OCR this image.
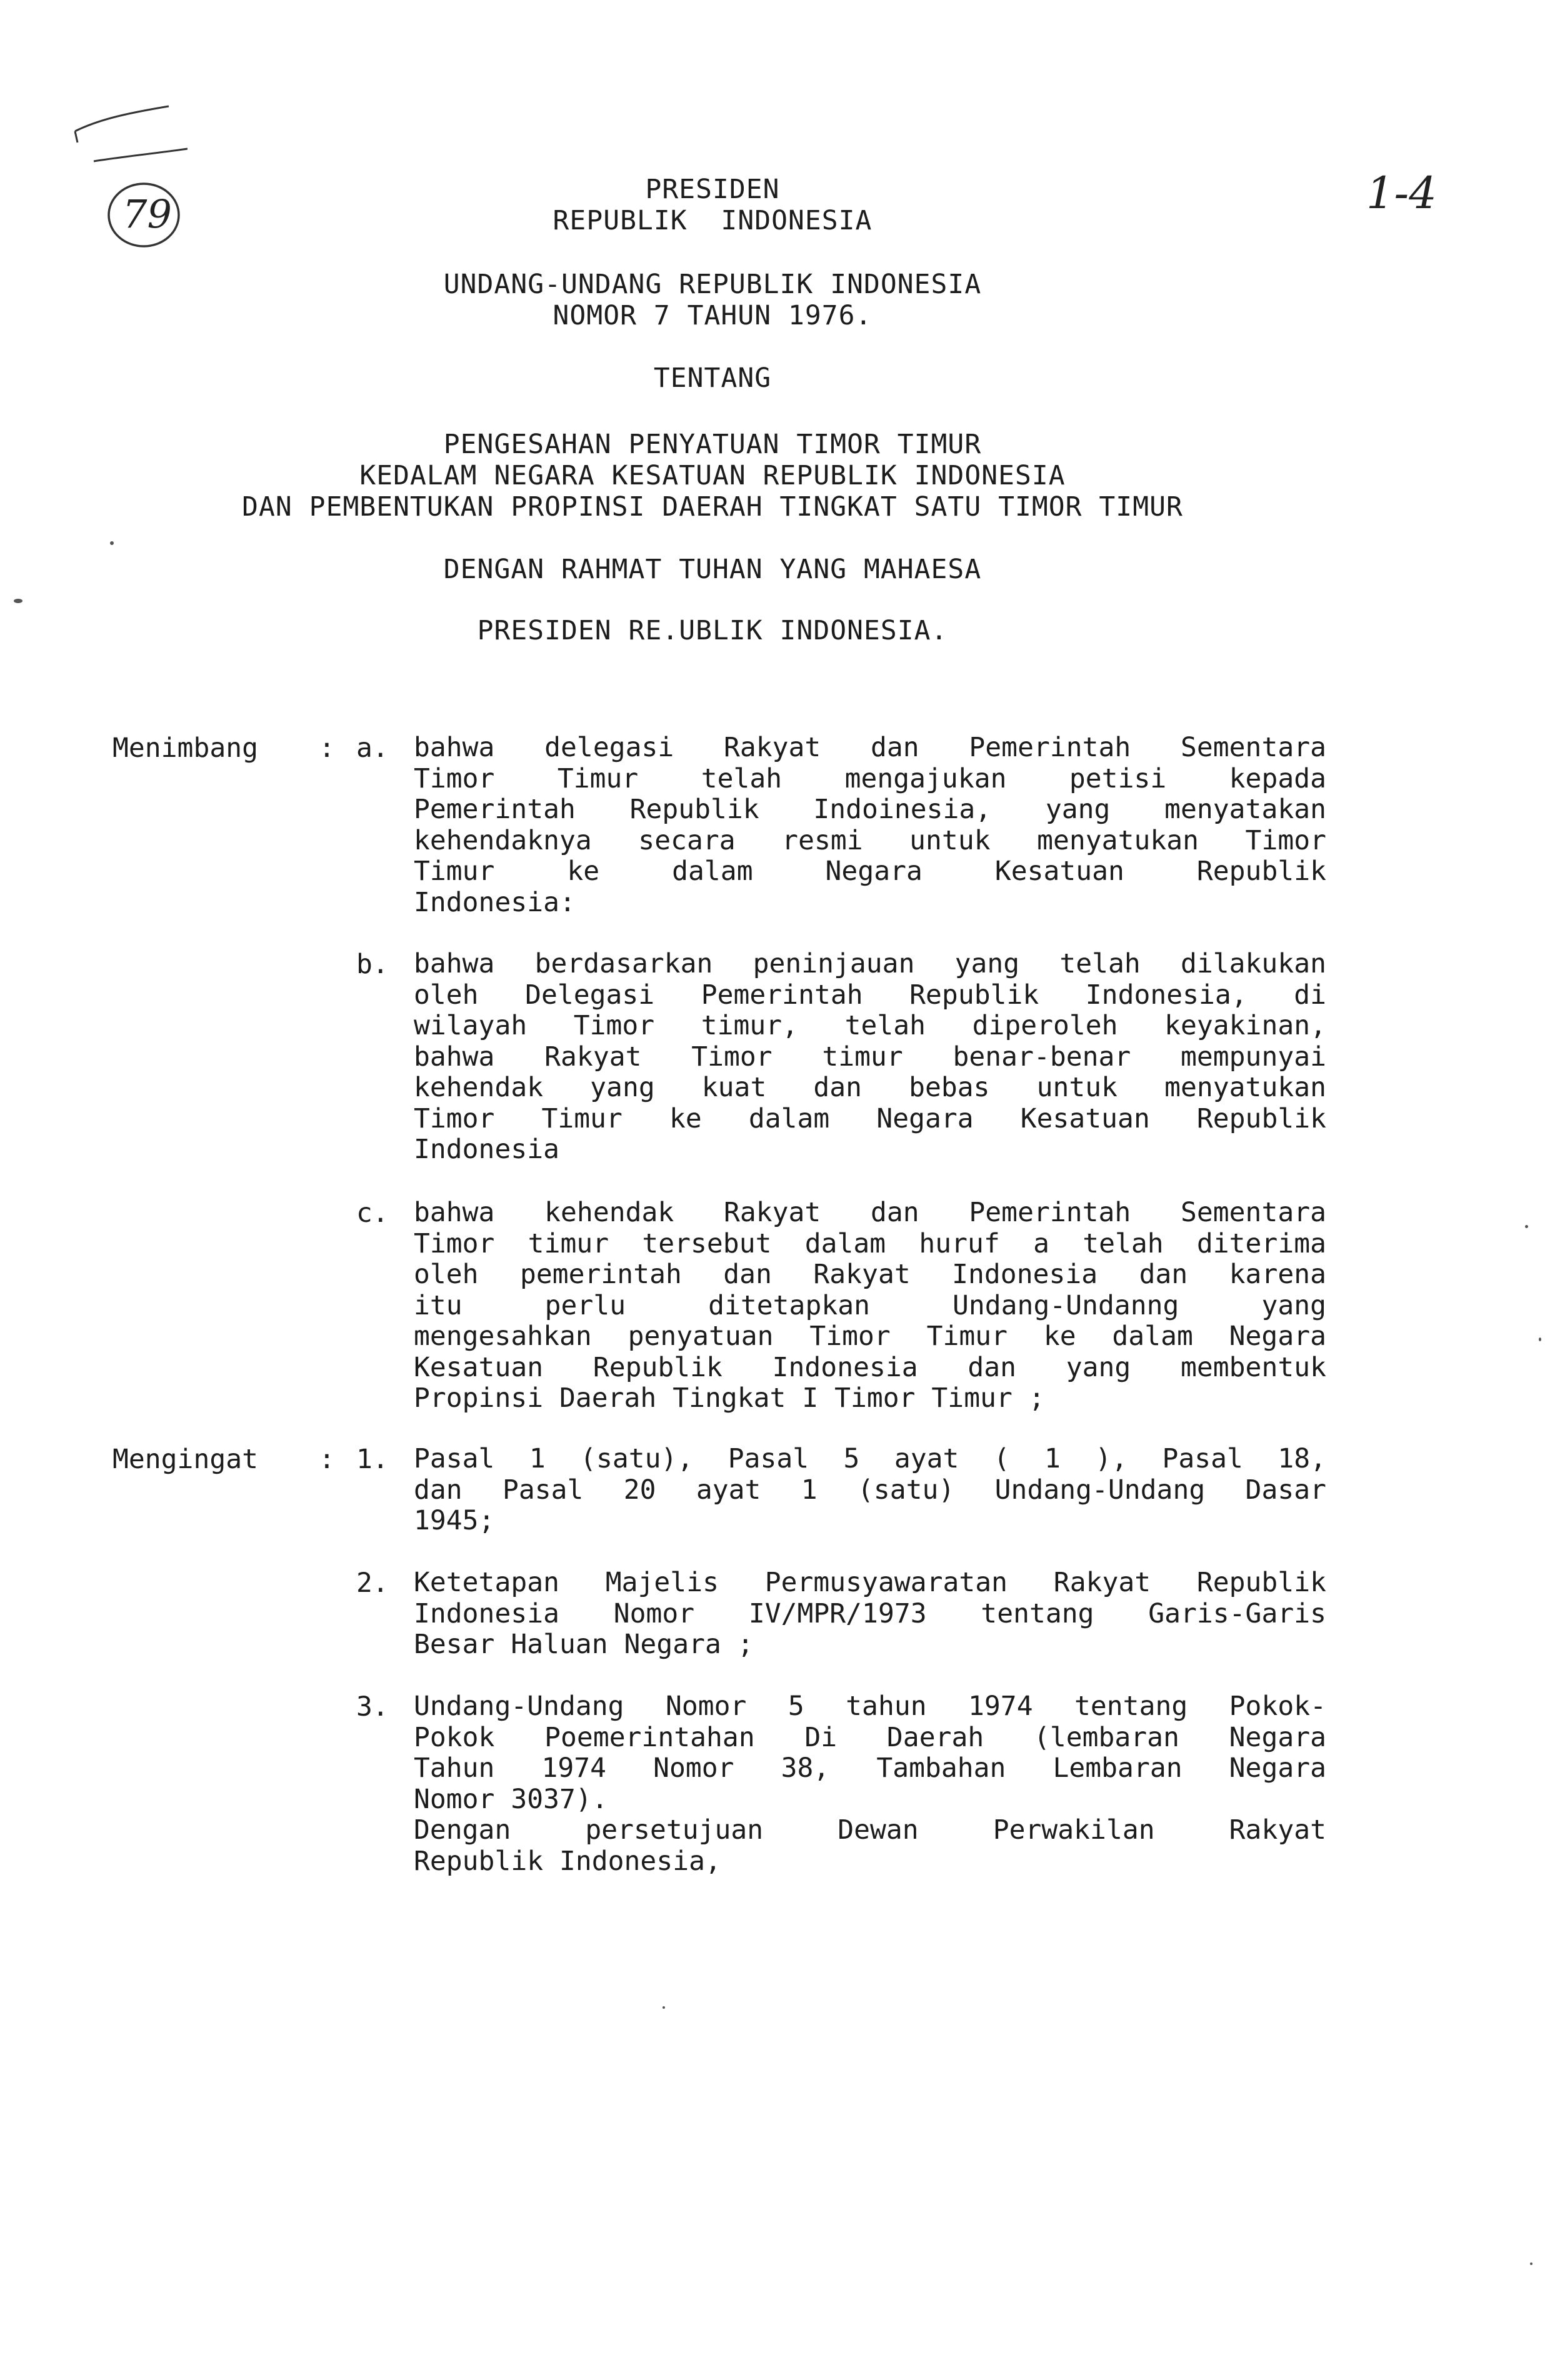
79	1-4
PRESIDEN
REPUBLIK  INDONESIA
UNDANG-UNDANG REPUBLIK INDONESIA
NOMOR 7 TAHUN 1976.
TENTANG
PENGESAHAN PENYATUAN TIMOR TIMUR
KEDALAM NEGARA KESATUAN REPUBLIK INDONESIA
DAN PEMBENTUKAN PROPINSI DAERAH TINGKAT SATU TIMOR TIMUR
DENGAN RAHMAT TUHAN YANG MAHAESA
PRESIDEN RE.UBLIK INDONESIA.
Menimbang : a. bahwa delegasi Rakyat dan Pemerintah Sementara
Timor Timur telah mengajukan petisi kepada
Pemerintah Republik Indoinesia, yang menyatakan
kehendaknya secara resmi untuk menyatukan Timor
Timur ke dalam Negara Kesatuan Republik
Indonesia:
b. bahwa berdasarkan peninjauan yang telah dilakukan
oleh Delegasi Pemerintah Republik Indonesia, di
wilayah Timor timur, telah diperoleh keyakinan,
bahwa Rakyat Timor timur benar-benar mempunyai
kehendak yang kuat dan bebas untuk menyatukan
Timor Timur ke dalam Negara Kesatuan Republik
Indonesia
c. bahwa kehendak Rakyat dan Pemerintah Sementara
Timor timur tersebut dalam huruf a telah diterima
oleh pemerintah dan Rakyat Indonesia dan karena
itu perlu ditetapkan Undang-Undanng yang
mengesahkan penyatuan Timor Timur ke dalam Negara
Kesatuan Republik Indonesia dan yang membentuk
Propinsi Daerah Tingkat I Timor Timur ;
Mengingat : 1. Pasal 1 (satu), Pasal 5 ayat ( 1 ), Pasal 18,
dan Pasal 20 ayat 1 (satu) Undang-Undang Dasar
1945;
2. Ketetapan Majelis Permusyawaratan Rakyat Republik
Indonesia Nomor IV/MPR/1973 tentang Garis-Garis
Besar Haluan Negara ;
3. Undang-Undang Nomor 5 tahun 1974 tentang Pokok-
Pokok Poemerintahan Di Daerah (lembaran Negara
Tahun 1974 Nomor 38, Tambahan Lembaran Negara
Nomor 3037).
Dengan persetujuan Dewan Perwakilan Rakyat
Republik Indonesia,
